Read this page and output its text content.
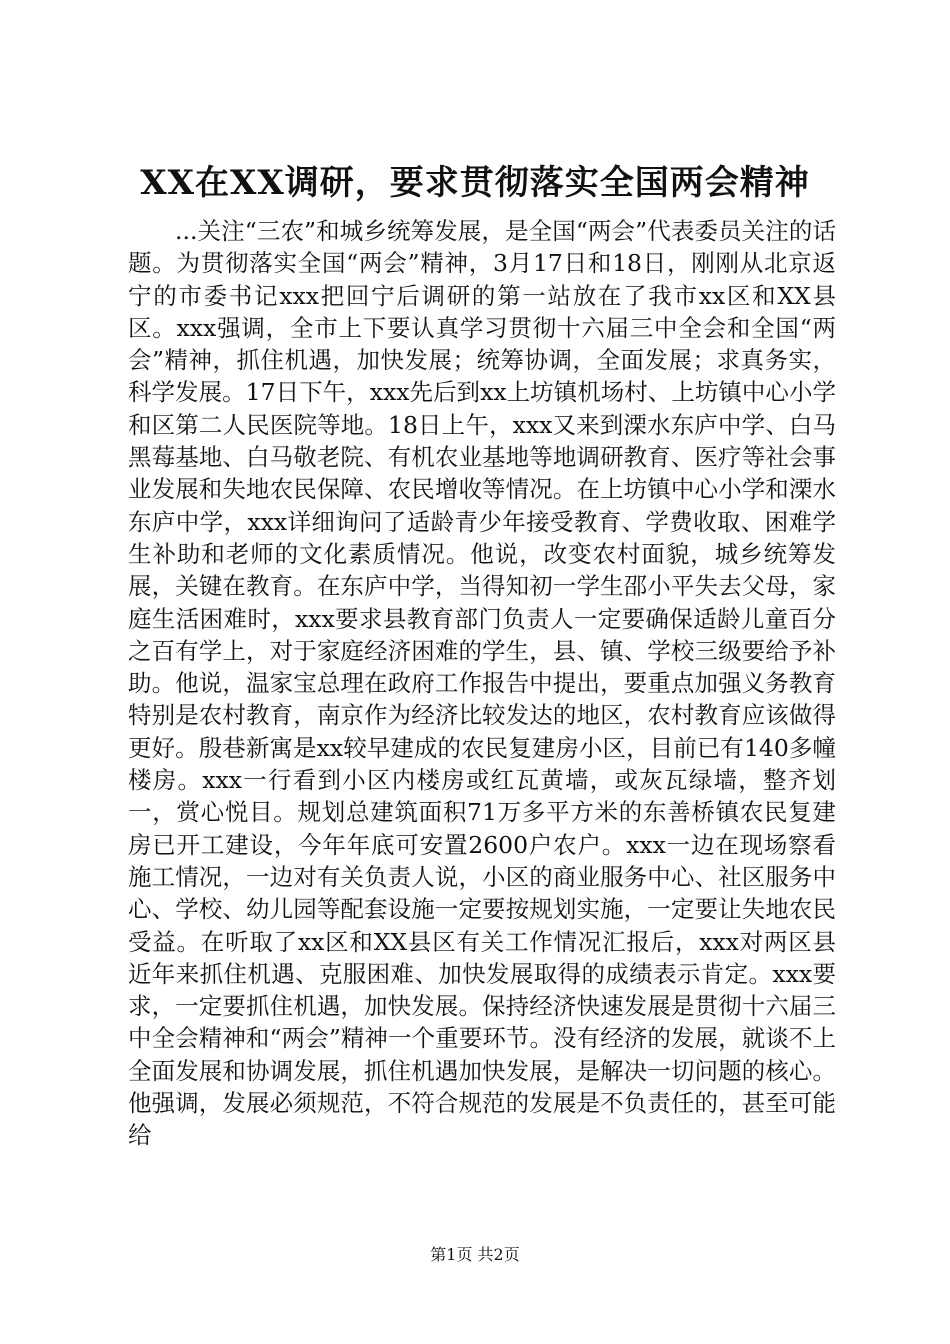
XX在XX调研，要求贯彻落实全国两会精神

...关注“三农”和城乡统筹发展，是全国“两会”代表委员关注的话题。为贯彻落实全国“两会”精神，3月17日和18日，刚刚从北京返宁的市委书记xxx把回宁后调研的第一站放在了我市xx区和XX县区。xxx强调，全市上下要认真学习贯彻十六届三中全会和全国“两会”精神，抓住机遇，加快发展；统筹协调，全面发展；求真务实，科学发展。17日下午，xxx先后到xx上坊镇机场村、上坊镇中心小学和区第二人民医院等地。18日上午，xxx又来到溧水东庐中学、白马黑莓基地、白马敬老院、有机农业基地等地调研教育、医疗等社会事业发展和失地农民保障、农民增收等情况。在上坊镇中心小学和溧水东庐中学，xxx详细询问了适龄青少年接受教育、学费收取、困难学生补助和老师的文化素质情况。他说，改变农村面貌，城乡统筹发展，关键在教育。在东庐中学，当得知初一学生邵小平失去父母，家庭生活困难时，xxx要求县教育部门负责人一定要确保适龄儿童百分之百有学上，对于家庭经济困难的学生，县、镇、学校三级要给予补助。他说，温家宝总理在政府工作报告中提出，要重点加强义务教育特别是农村教育，南京作为经济比较发达的地区，农村教育应该做得更好。殷巷新寓是xx较早建成的农民复建房小区，目前已有140多幢楼房。xxx一行看到小区内楼房或红瓦黄墙，或灰瓦绿墙，整齐划一，赏心悦目。规划总建筑面积71万多平方米的东善桥镇农民复建房已开工建设，今年年底可安置2600户农户。xxx一边在现场察看施工情况，一边对有关负责人说，小区的商业服务中心、社区服务中心、学校、幼儿园等配套设施一定要按规划实施，一定要让失地农民受益。在听取了xx区和XX县区有关工作情况汇报后，xxx对两区县近年来抓住机遇、克服困难、加快发展取得的成绩表示肯定。xxx要求，一定要抓住机遇，加快发展。保持经济快速发展是贯彻十六届三中全会精神和“两会”精神一个重要环节。没有经济的发展，就谈不上全面发展和协调发展，抓住机遇加快发展，是解决一切问题的核心。他强调，发展必须规范，不符合规范的发展是不负责任的，甚至可能给

第1页 共2页
